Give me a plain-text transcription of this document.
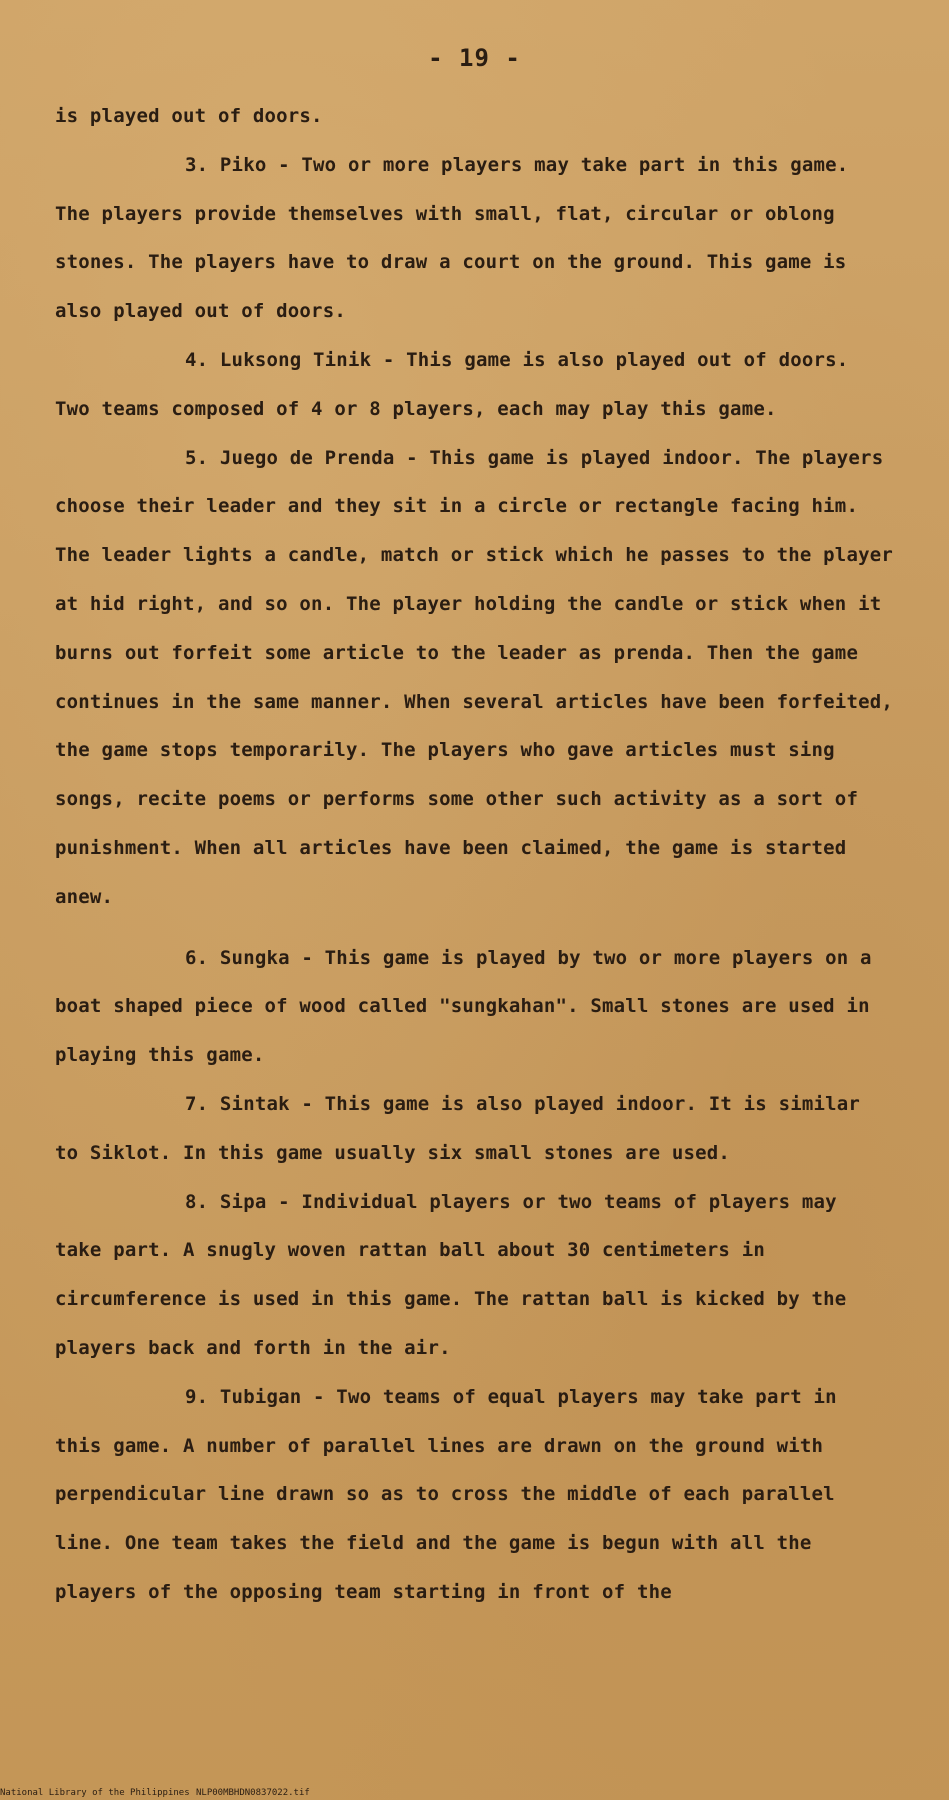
- 19 -

is played out of doors.

3. Piko - Two or more players may take part in this game. The players provide themselves with small, flat, circular or oblong stones. The players have to draw a court on the ground. This game is also played out of doors.

4. Luksong Tinik - This game is also played out of doors. Two teams composed of 4 or 8 players, each may play this game.

5. Juego de Prenda - This game is played indoor. The players choose their leader and they sit in a circle or rectangle facing him. The leader lights a candle, match or stick which he passes to the player at hid right, and so on. The player holding the candle or stick when it burns out forfeit some article to the leader as prenda. Then the game continues in the same manner. When several articles have been forfeited, the game stops temporarily. The players who gave articles must sing songs, recite poems or performs some other such activity as a sort of punishment. When all articles have been claimed, the game is started anew.

6. Sungka - This game is played by two or more players on a boat shaped piece of wood called "sungkahan". Small stones are used in playing this game.

7. Sintak - This game is also played indoor. It is similar to Siklot. In this game usually six small stones are used.

8. Sipa - Individual players or two teams of players may take part. A snugly woven rattan ball about 30 centimeters in circumference is used in this game. The rattan ball is kicked by the players back and forth in the air.

9. Tubigan - Two teams of equal players may take part in this game. A number of parallel lines are drawn on the ground with perpendicular line drawn so as to cross the middle of each parallel line. One team takes the field and the game is begun with all the players of the opposing team starting in front of the

National Library of the Philippines NLP00MBHDN0837022.tif
